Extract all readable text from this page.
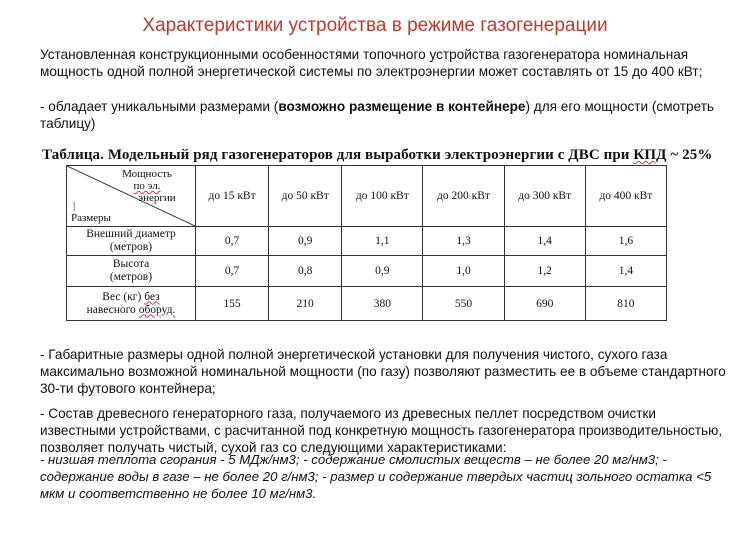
Характеристики устройства в режиме газогенерации
Установленная конструкционными особенностями топочного устройства газогенератора номинальная мощность одной полной энергетической системы по электроэнергии может составлять от 15 до 400 кВт;
- обладает уникальными размерами (возможно размещение в контейнере) для его мощности (смотреть таблицу)
Таблица. Модельный ряд газогенераторов для выработки электроэнергии с ДВС при КПД ~ 25%
Мощность
по эл.
энергии
|
Размеры	до 15 кВт	до 50 кВт	до 100 кВт	до 200 кВт	до 300 кВт	до 400 кВт

Внешний диаметр
(метров)	0,7	0,9	1,1	1,3	1,4	1,6

Высота
(метров)	0,7	0,8	0,9	1,0	1,2	1,4

Вес (кг) без
навесного оборуд.	155	210	380	550	690	810
- Габаритные размеры одной полной энергетической установки для получения чистого, сухого газа максимально возможной номинальной мощности (по газу) позволяют разместить ее в объеме стандартного 30-ти футового контейнера;
- Состав древесного генераторного газа, получаемого из древесных пеллет посредством очистки известными устройствами, с расчитанной под конкретную мощность газогенератора производительностью, позволяет получать чистый, сухой газ со следующими характеристиками:
- низшая теплота сгорания - 5 МДж/нм3; - содержание смолистых веществ – не более 20 мг/нм3; - содержание воды в газе – не более 20 г/нм3; - размер и содержание твердых частиц зольного остатка <5 мкм и соответственно не более 10 мг/нм3.
